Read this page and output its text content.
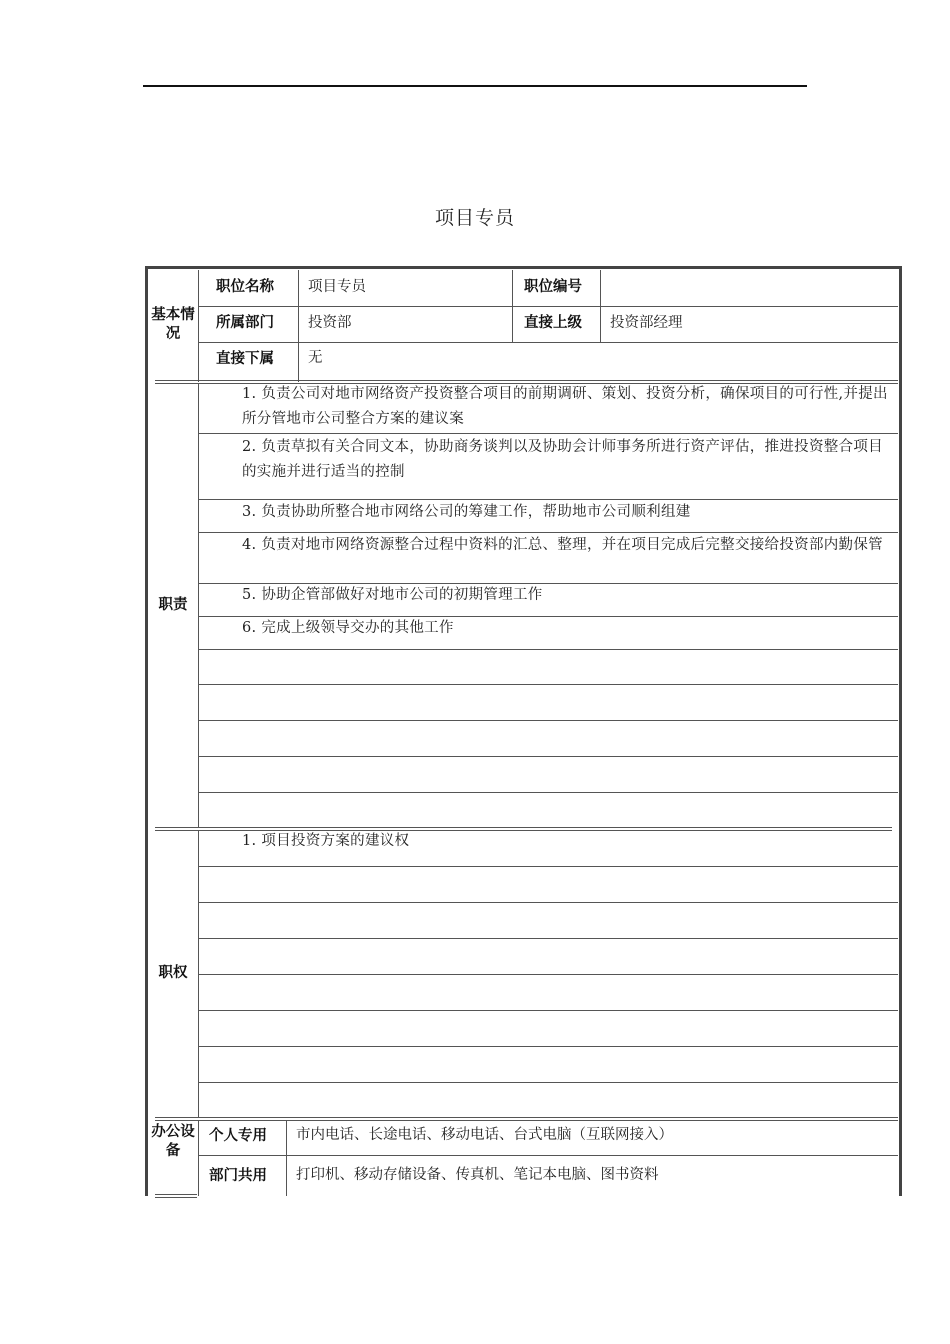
项目专员
基本情况
职位名称 项目专员	职位编号
所属部门 投资部	直接上级 投资部经理
直接下属 无
职责
1. 负责公司对地市网络资产投资整合项目的前期调研、策划、投资分析，确保项目的可行性,并提出所分管地市公司整合方案的建议案
2. 负责草拟有关合同文本，协助商务谈判以及协助会计师事务所进行资产评估，推进投资整合项目的实施并进行适当的控制
3. 负责协助所整合地市网络公司的筹建工作，帮助地市公司顺利组建
4. 负责对地市网络资源整合过程中资料的汇总、整理，并在项目完成后完整交接给投资部内勤保管
5. 协助企管部做好对地市公司的初期管理工作
6. 完成上级领导交办的其他工作
职权
1. 项目投资方案的建议权
办公设备
个人专用 市内电话、长途电话、移动电话、台式电脑（互联网接入）
部门共用 打印机、移动存储设备、传真机、笔记本电脑、图书资料
